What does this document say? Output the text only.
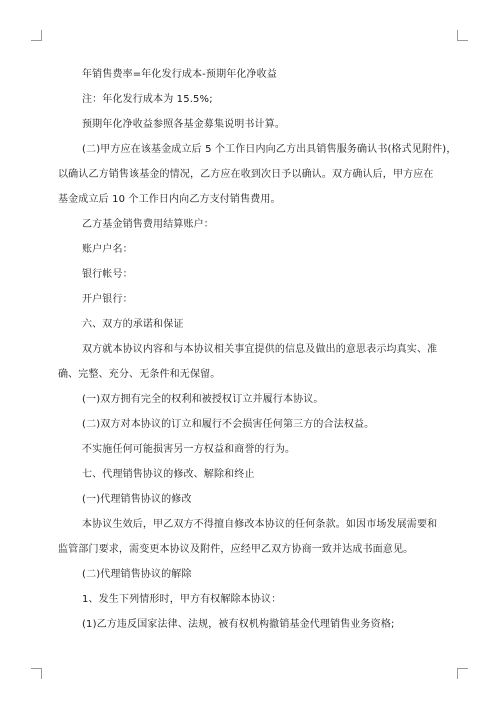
年销售费率=年化发行成本-预期年化净收益
注：年化发行成本为 15.5%;
预期年化净收益参照各基金募集说明书计算。
(二)甲方应在该基金成立后 5 个工作日内向乙方出具销售服务确认书(格式见附件)，
以确认乙方销售该基金的情况，乙方应在收到次日予以确认。双方确认后，甲方应在
基金成立后 10 个工作日内向乙方支付销售费用。
乙方基金销售费用结算账户：
账户户名：
银行帐号：
开户银行：
六、双方的承诺和保证
双方就本协议内容和与本协议相关事宜提供的信息及做出的意思表示均真实、准
确、完整、充分、无条件和无保留。
(一)双方拥有完全的权利和被授权订立并履行本协议。
(二)双方对本协议的订立和履行不会损害任何第三方的合法权益。
不实施任何可能损害另一方权益和商誉的行为。
七、代理销售协议的修改、解除和终止
(一)代理销售协议的修改
本协议生效后，甲乙双方不得擅自修改本协议的任何条款。如因市场发展需要和
监管部门要求，需变更本协议及附件，应经甲乙双方协商一致并达成书面意见。
(二)代理销售协议的解除
1、发生下列情形时，甲方有权解除本协议：
(1)乙方违反国家法律、法规，被有权机构撤销基金代理销售业务资格;
